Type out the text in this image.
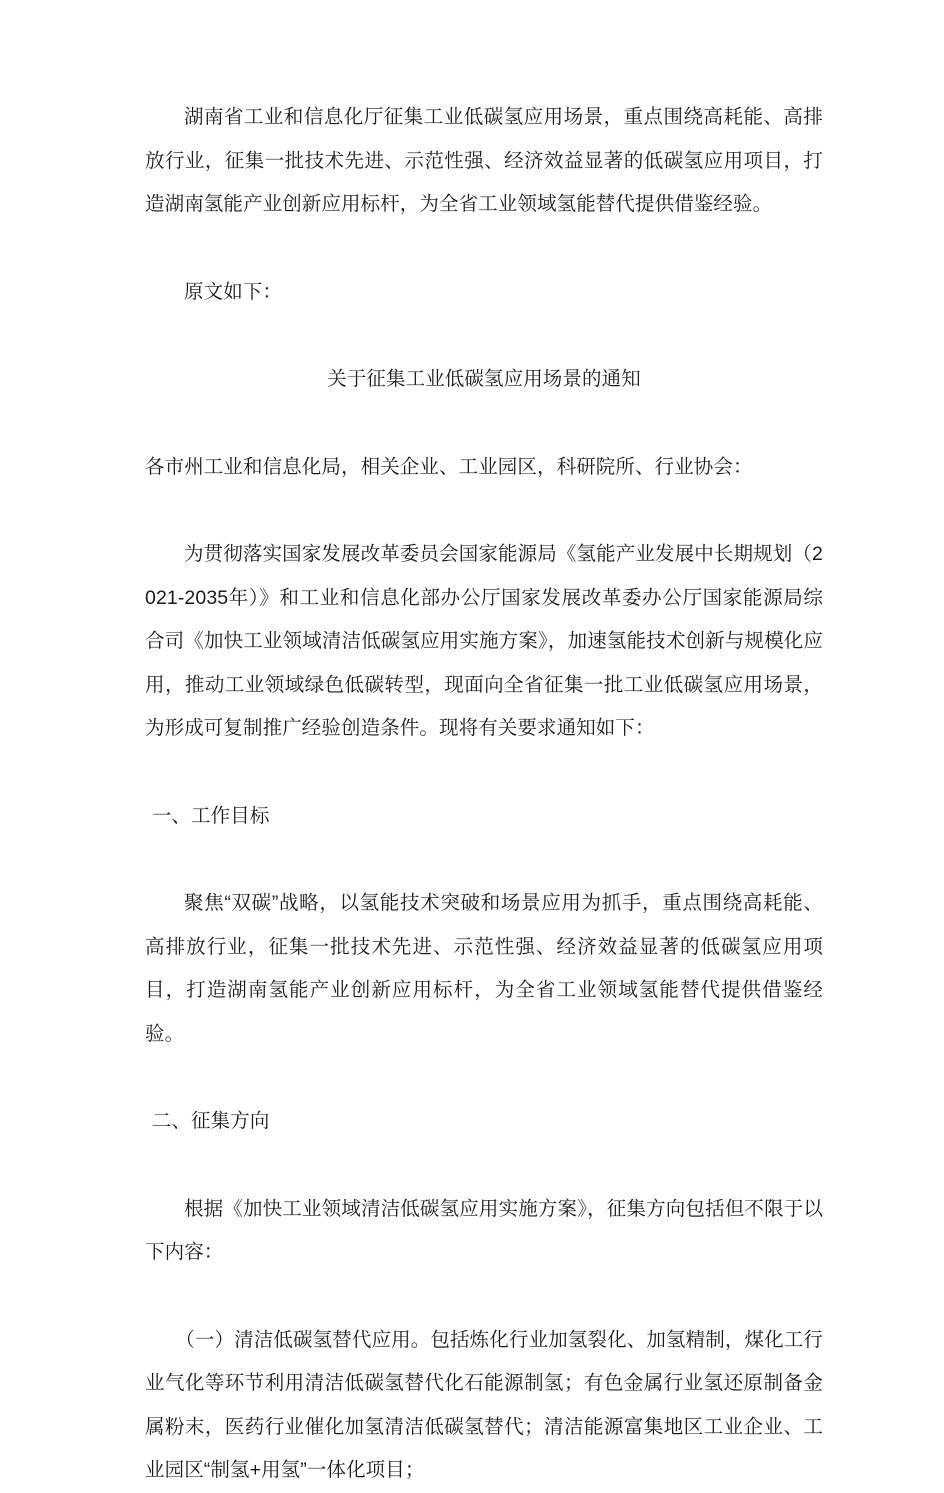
湖南省工业和信息化厅征集工业低碳氢应用场景，重点围绕高耗能、高排放行业，征集一批技术先进、示范性强、经济效益显著的低碳氢应用项目，打造湖南氢能产业创新应用标杆，为全省工业领域氢能替代提供借鉴经验。

原文如下：

关于征集工业低碳氢应用场景的通知

各市州工业和信息化局，相关企业、工业园区，科研院所、行业协会：

为贯彻落实国家发展改革委员会国家能源局《氢能产业发展中长期规划（2021-2035年）》和工业和信息化部办公厅国家发展改革委办公厅国家能源局综合司《加快工业领域清洁低碳氢应用实施方案》，加速氢能技术创新与规模化应用，推动工业领域绿色低碳转型，现面向全省征集一批工业低碳氢应用场景，为形成可复制推广经验创造条件。现将有关要求通知如下：

一、工作目标

聚焦“双碳”战略，以氢能技术突破和场景应用为抓手，重点围绕高耗能、高排放行业，征集一批技术先进、示范性强、经济效益显著的低碳氢应用项目，打造湖南氢能产业创新应用标杆，为全省工业领域氢能替代提供借鉴经验。

二、征集方向

根据《加快工业领域清洁低碳氢应用实施方案》，征集方向包括但不限于以下内容：

（一）清洁低碳氢替代应用。包括炼化行业加氢裂化、加氢精制，煤化工行业气化等环节利用清洁低碳氢替代化石能源制氢；有色金属行业氢还原制备金属粉末，医药行业催化加氢清洁低碳氢替代；清洁能源富集地区工业企业、工业园区“制氢+用氢”一体化项目；
